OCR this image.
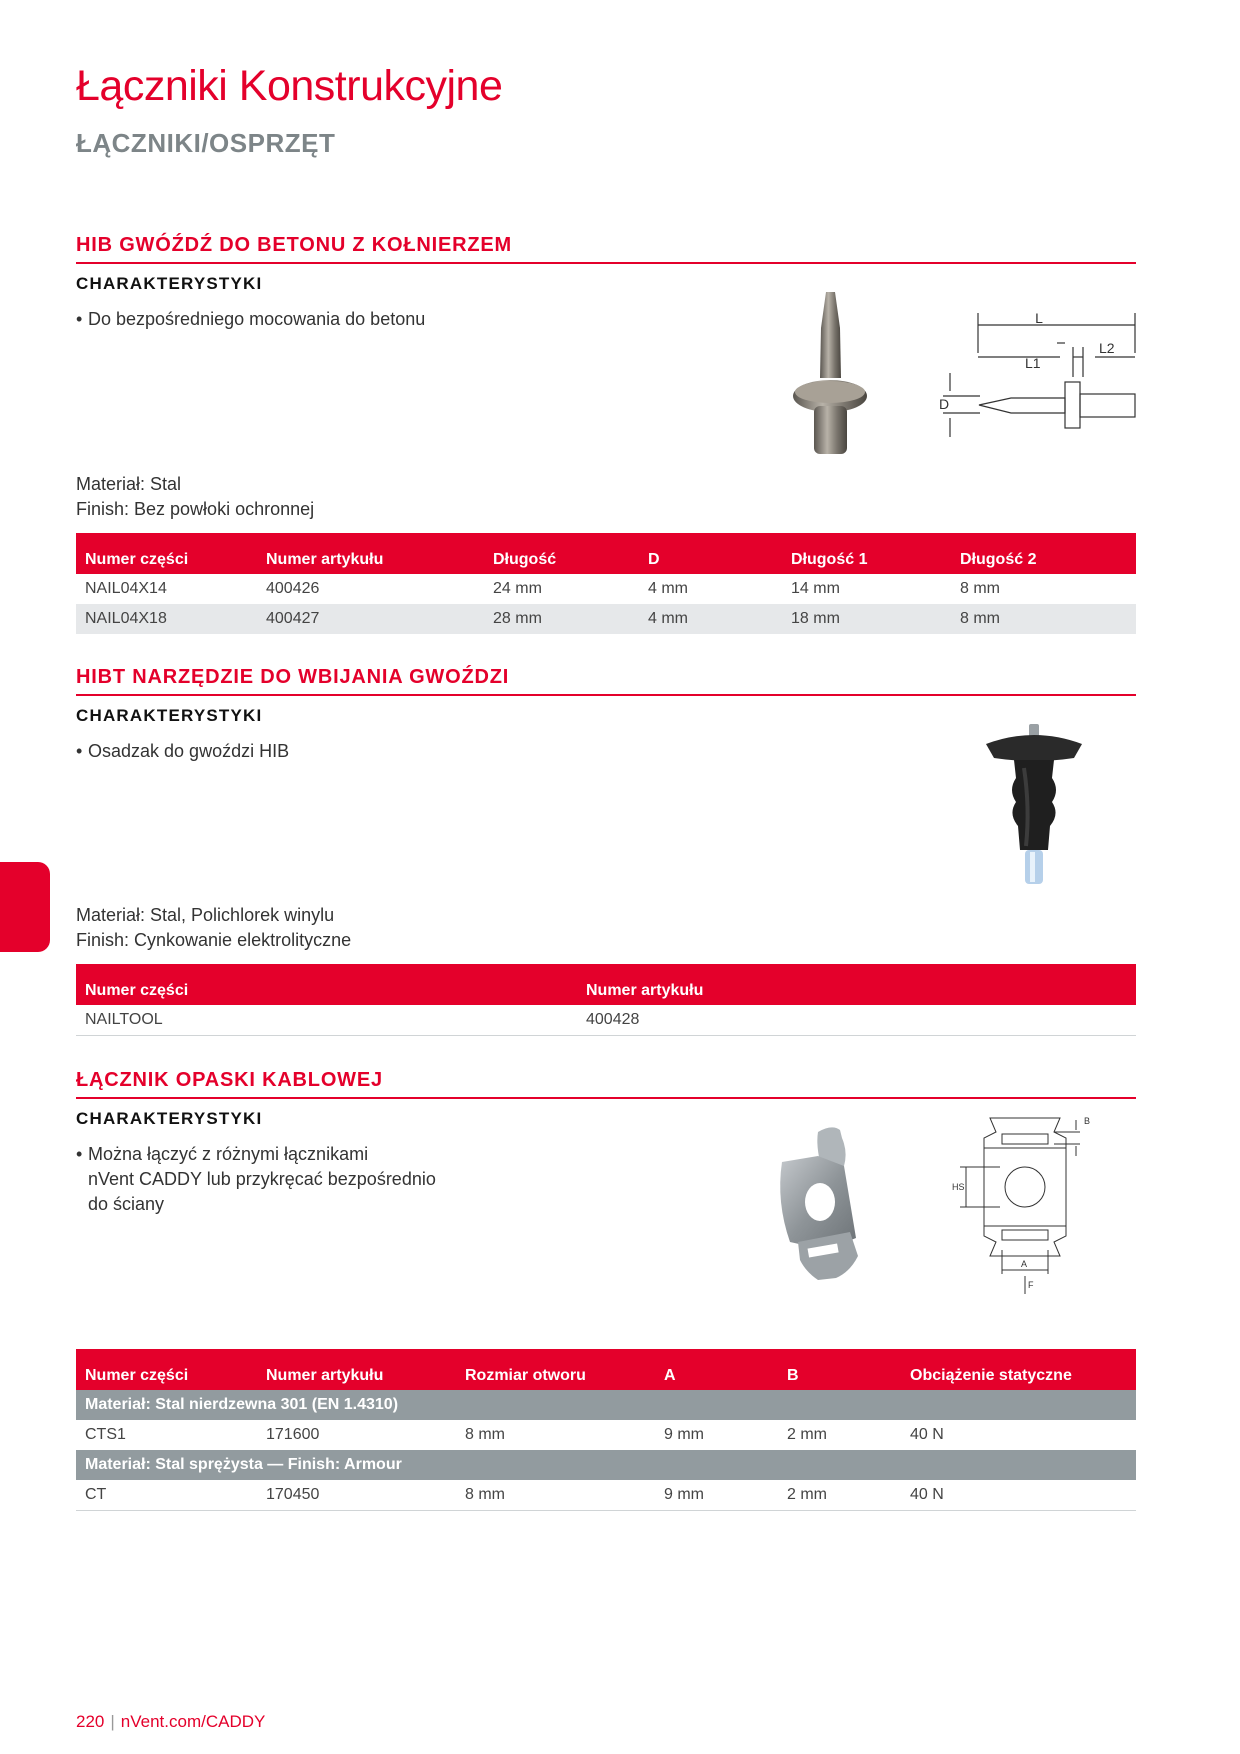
Łączniki Konstrukcyjne
ŁĄCZNIKI/OSPRZĘT
HIB GWÓŹDŹ DO BETONU Z KOŁNIERZEM
CHARAKTERYSTYKI
• Do bezpośredniego mocowania do betonu	L
L1
L2
D
Materiał: Stal
Finish: Bez powłoki ochronnej
Numer części	Numer artykułu	Długość	D	Długość 1	Długość 2
NAIL04X14	400426	24 mm	4 mm	14 mm	8 mm
NAIL04X18	400427	28 mm	4 mm	18 mm	8 mm
HIBT NARZĘDZIE DO WBIJANIA GWOŹDZI
CHARAKTERYSTYKI
• Osadzak do gwoździ HIB
Materiał: Stal, Polichlorek winylu
Finish: Cynkowanie elektrolityczne
Numer części	Numer artykułu
NAILTOOL	400428
ŁĄCZNIK OPASKI KABLOWEJ
CHARAKTERYSTYKI
• Można łączyć z różnymi łącznikami
nVent CADDY lub przykręcać bezpośrednio
do ściany
B
HS
A
F
Numer części	Numer artykułu	Rozmiar otworu	A	B	Obciążenie statyczne
Materiał: Stal nierdzewna 301 (EN 1.4310)					
CTS1	171600	8 mm	9 mm	2 mm	40 N
Materiał: Stal sprężysta — Finish: Armour					
CT	170450	8 mm	9 mm	2 mm	40 N
220 | nVent.com/CADDY
